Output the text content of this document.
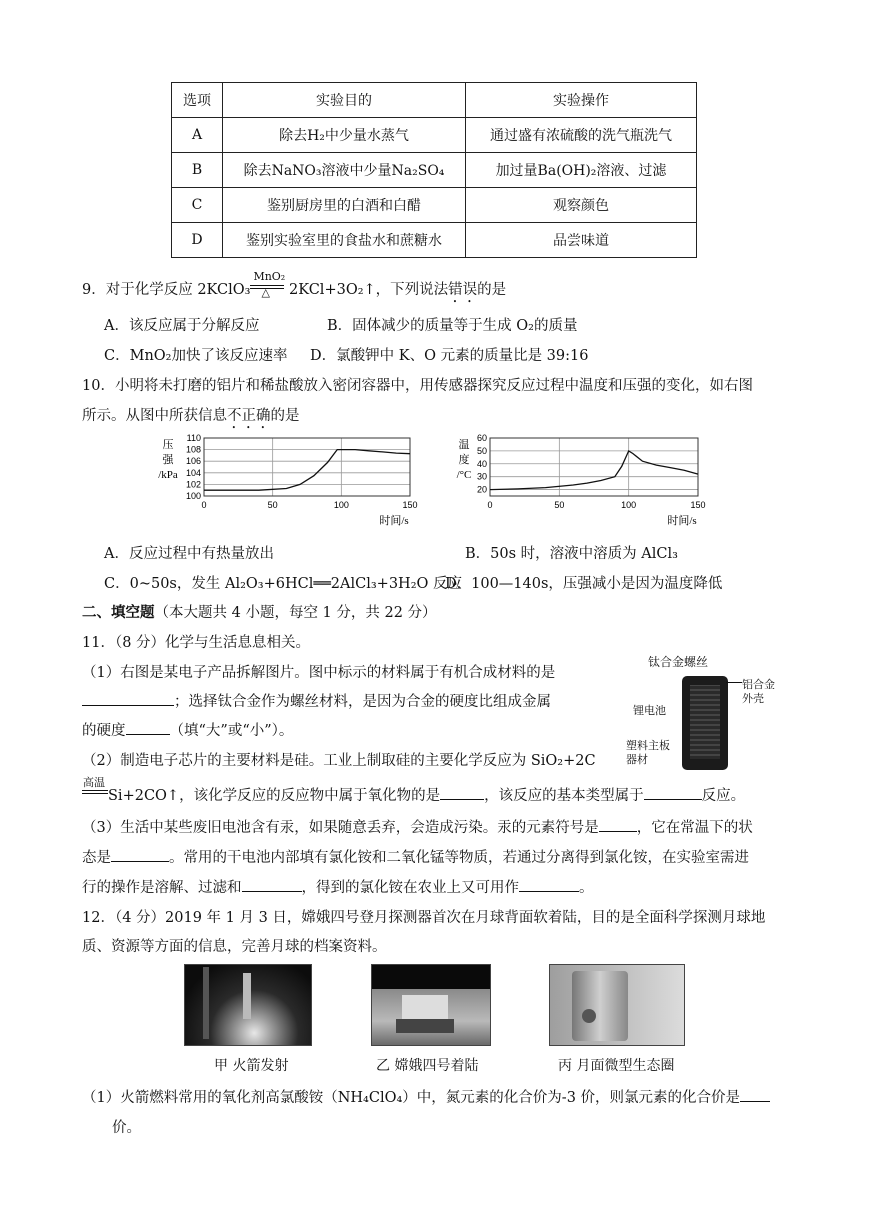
选项	实验目的	实验操作
A	除去H₂中少量水蒸气	通过盛有浓硫酸的洗气瓶洗气
B	除去NaNO₃溶液中少量Na₂SO₄	加过量Ba(OH)₂溶液、过滤
C	鉴别厨房里的白酒和白醋	观察颜色
D	鉴别实验室里的食盐水和蔗糖水	品尝味道
9．对于化学反应 2KClO₃ $\frac{\text{MnO₂}}{\triangle}$ 2KCl+3O₂↑，下列说法错误的是
A．该反应属于分解反应	B．固体减少的质量等于生成 O₂的质量
C．MnO₂加快了该反应速率 D．氯酸钾中 K、O 元素的质量比是 39:16
10．小明将未打磨的铝片和稀盐酸放入密闭容器中，用传感器探究反应过程中温度和压强的变化，如右图
所示。从图中所获信息不正确的是
100
102
104
106
108
110
0	50	100	150
压
强
/kPa
时间/s
20
30
40
50
60
0	50	100	150
温
度
/°C
时间/s
A．反应过程中有热量放出	B．50s 时，溶液中溶质为 AlCl₃
C．0~50s，发生 Al₂O₃+6HCl══2AlCl₃+3H₂O 反应
D．100—140s，压强减小是因为温度降低
二、填空题（本大题共 4 小题，每空 1 分，共 22 分）
11．（8 分）化学与生活息息相关。
（1）右图是某电子产品拆解图片。图中标示的材料属于有机合成材料的是
；选择钛合金作为螺丝材料，是因为合金的硬度比组成金属
的硬度	（填“大”或“小”）。
（2）制造电子芯片的主要材料是硅。工业上制取硅的主要化学反应为 SiO₂+2C
高温
Si+2CO↑，该化学反应的反应物中属于氧化物的是	，该反应的基本类型属于	反应。
（3）生活中某些废旧电池含有汞，如果随意丢弃，会造成污染。汞的元素符号是	，它在常温下的状
态是	。常用的干电池内部填有氯化铵和二氧化锰等物质，若通过分离得到氯化铵，在实验室需进
行的操作是溶解、过滤和	，得到的氯化铵在农业上又可用作	。
钛合金螺丝
铝合金
外壳
锂电池
塑料主板
器材
12．（4 分）2019 年 1 月 3 日，嫦娥四号登月探测器首次在月球背面软着陆，目的是全面科学探测月球地
质、资源等方面的信息，完善月球的档案资料。
甲 火箭发射	乙 嫦娥四号着陆	丙 月面微型生态圈
（1）火箭燃料常用的氧化剂高氯酸铵（NH₄ClO₄）中，氮元素的化合价为-3 价，则氯元素的化合价是
价。
